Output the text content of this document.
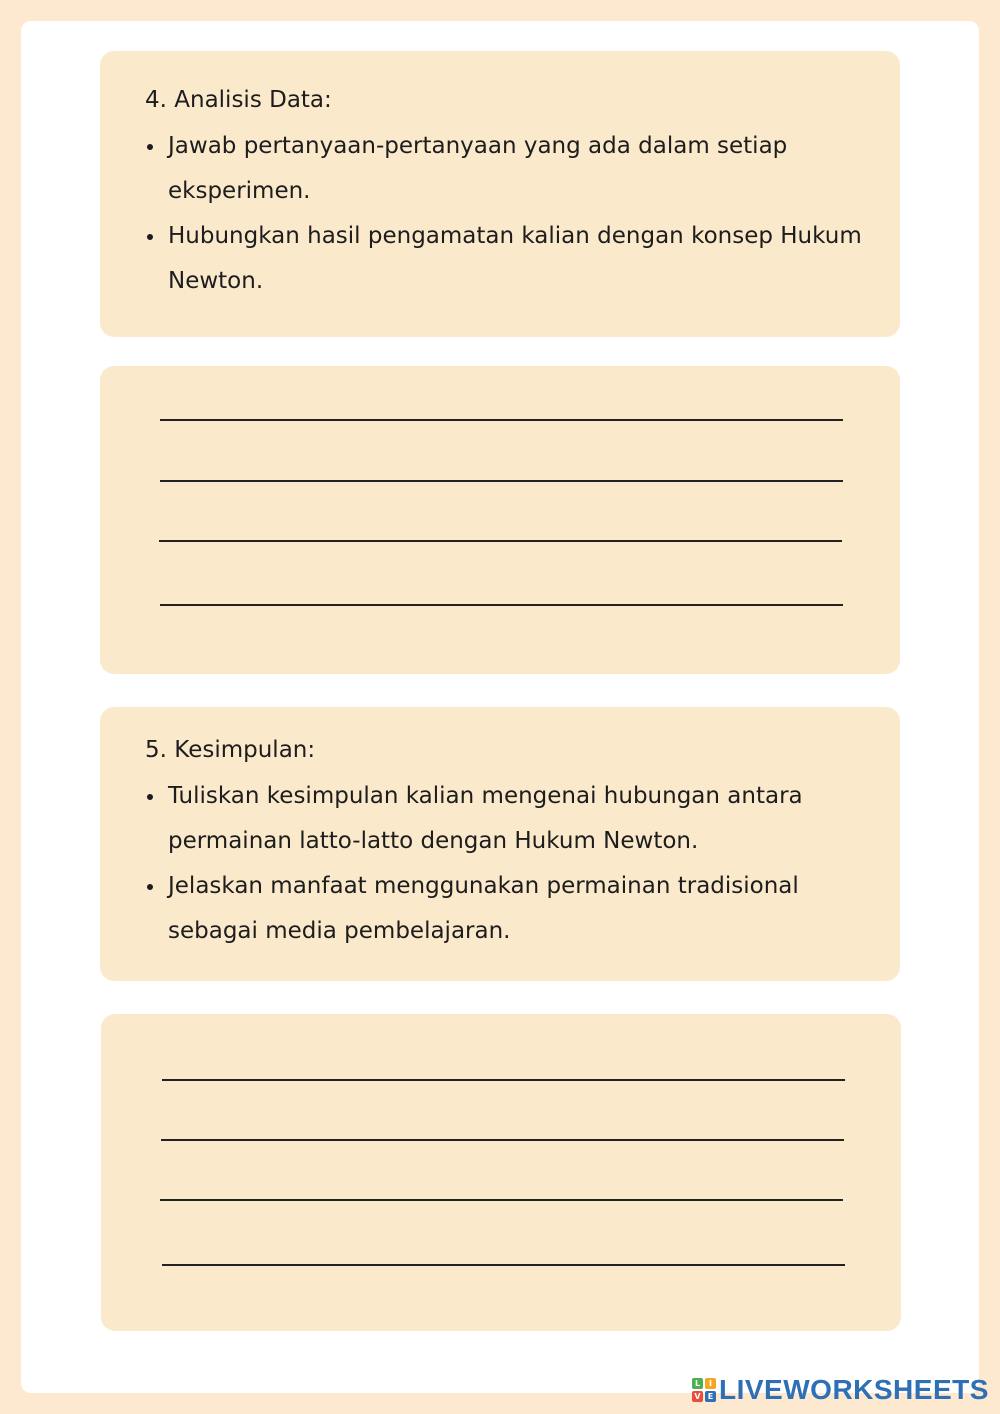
4. Analisis Data:
Jawab pertanyaan-pertanyaan yang ada dalam setiap eksperimen.
Hubungkan hasil pengamatan kalian dengan konsep Hukum Newton.
5. Kesimpulan:
Tuliskan kesimpulan kalian mengenai hubungan antara permainan latto-latto dengan Hukum Newton.
Jelaskan manfaat menggunakan permainan tradisional sebagai media pembelajaran.
L	I
V E LIVEWORKSHEETS
